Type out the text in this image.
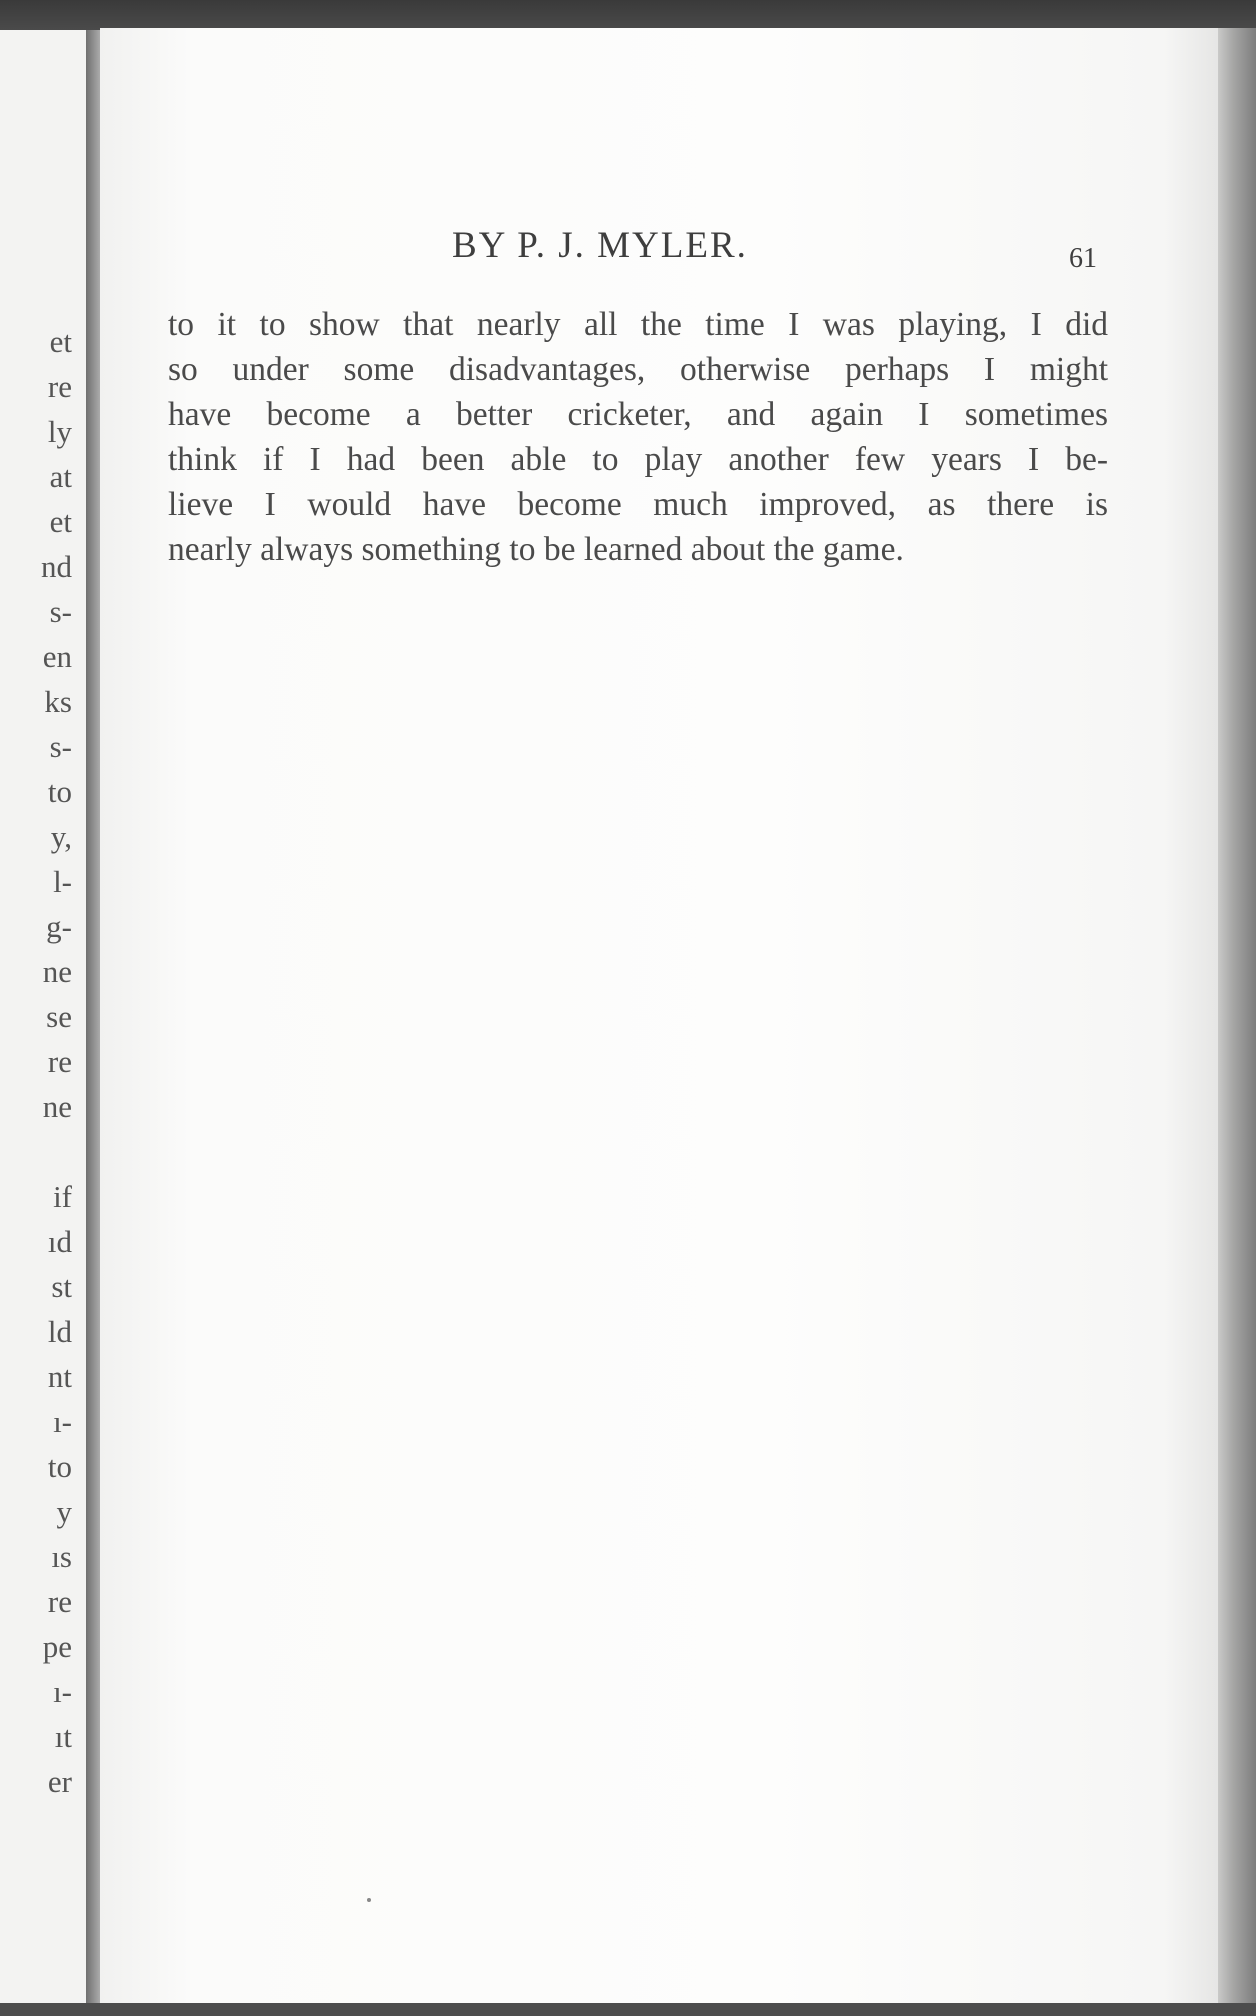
et
re
ly
at
et
nd
s-
en
ks
s-
to
y,
l-
g-
ne
se
re
ne
if
ıd
st
ld
nt
ı-
to
y
ıs
re
pe
ı-
ıt
er
BY P. J. MYLER.	61
to it to show that nearly all the time I was playing, I did
so under some disadvantages, otherwise perhaps I might
have become a better cricketer, and again I sometimes
think if I had been able to play another few years I be-
lieve I would have become much improved, as there is
nearly always something to be learned about the game.
